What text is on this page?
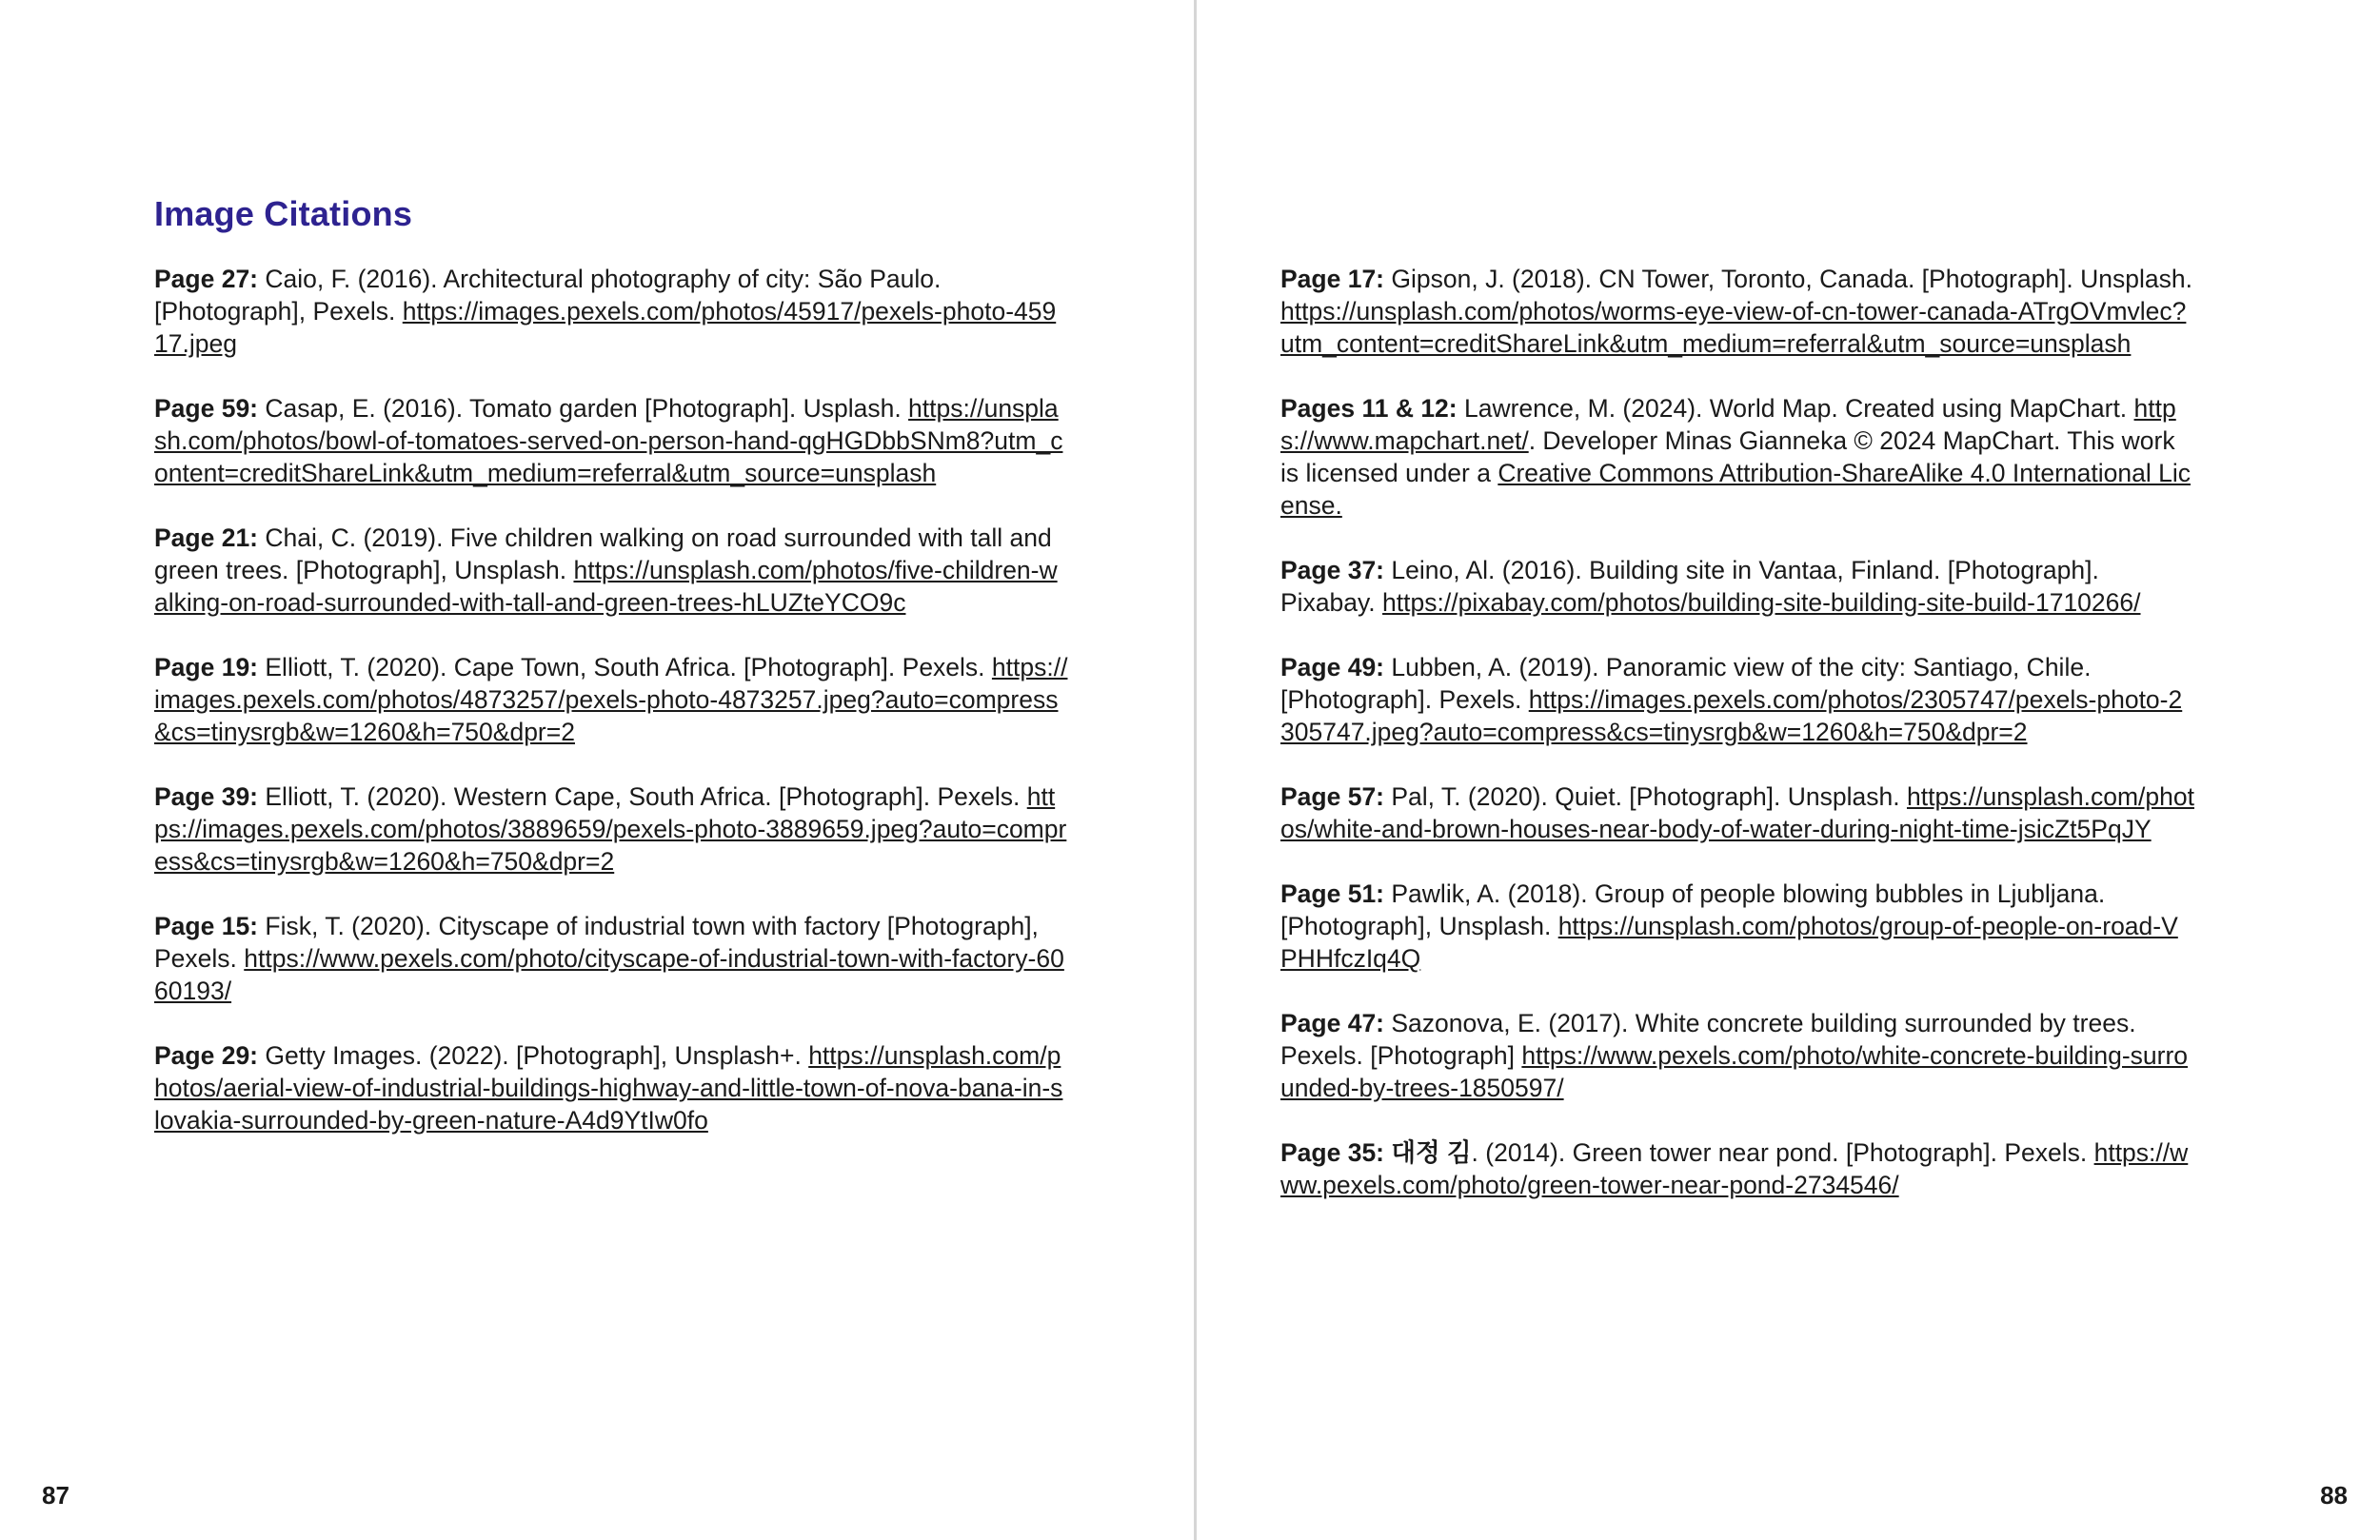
Image Citations

Page 27: Caio, F. (2016). Architectural photography of city: São Paulo. [Photograph], Pexels. https://images.pexels.com/photos/45917/pexels-photo-45917.jpeg

Page 59: Casap, E. (2016). Tomato garden [Photograph]. Usplash. https://unsplash.com/photos/bowl-of-tomatoes-served-on-person-hand-qgHGDbbSNm8?utm_content=creditShareLink&utm_medium=referral&utm_source=unsplash

Page 21: Chai, C. (2019). Five children walking on road surrounded with tall and green trees. [Photograph], Unsplash. https://unsplash.com/photos/five-children-walking-on-road-surrounded-with-tall-and-green-trees-hLUZteYCO9c

Page 19: Elliott, T. (2020). Cape Town, South Africa. [Photograph]. Pexels. https://images.pexels.com/photos/4873257/pexels-photo-4873257.jpeg?auto=compress&cs=tinysrgb&w=1260&h=750&dpr=2

Page 39: Elliott, T. (2020). Western Cape, South Africa. [Photograph]. Pexels. https://images.pexels.com/photos/3889659/pexels-photo-3889659.jpeg?auto=compress&cs=tinysrgb&w=1260&h=750&dpr=2

Page 15: Fisk, T. (2020). Cityscape of industrial town with factory [Photograph], Pexels. https://www.pexels.com/photo/cityscape-of-industrial-town-with-factory-6060193/

Page 29: Getty Images. (2022). [Photograph], Unsplash+. https://unsplash.com/photos/aerial-view-of-industrial-buildings-highway-and-little-town-of-nova-bana-in-slovakia-surrounded-by-green-nature-A4d9YtIw0fo

87	88

Page 17: Gipson, J. (2018). CN Tower, Toronto, Canada. [Photograph]. Unsplash. https://unsplash.com/photos/worms-eye-view-of-cn-tower-canada-ATrgOVmvlec?utm_content=creditShareLink&utm_medium=referral&utm_source=unsplash

Pages 11 & 12: Lawrence, M. (2024). World Map. Created using MapChart. https://www.mapchart.net/. Developer Minas Gianneka © 2024 MapChart. This work is licensed under a Creative Commons Attribution-ShareAlike 4.0 International License.

Page 37: Leino, Al. (2016). Building site in Vantaa, Finland. [Photograph]. Pixabay. https://pixabay.com/photos/building-site-building-site-build-1710266/

Page 49: Lubben, A. (2019). Panoramic view of the city: Santiago, Chile. [Photograph]. Pexels. https://images.pexels.com/photos/2305747/pexels-photo-2305747.jpeg?auto=compress&cs=tinysrgb&w=1260&h=750&dpr=2

Page 57: Pal, T. (2020). Quiet. [Photograph]. Unsplash. https://unsplash.com/photos/white-and-brown-houses-near-body-of-water-during-night-time-jsicZt5PqJY

Page 51: Pawlik, A. (2018). Group of people blowing bubbles in Ljubljana. [Photograph], Unsplash. https://unsplash.com/photos/group-of-people-on-road-VPHHfczIq4Q

Page 47: Sazonova, E. (2017). White concrete building surrounded by trees. Pexels. [Photograph] https://www.pexels.com/photo/white-concrete-building-surrounded-by-trees-1850597/

Page 35: 대정 김. (2014). Green tower near pond. [Photograph]. Pexels. https://www.pexels.com/photo/green-tower-near-pond-2734546/
